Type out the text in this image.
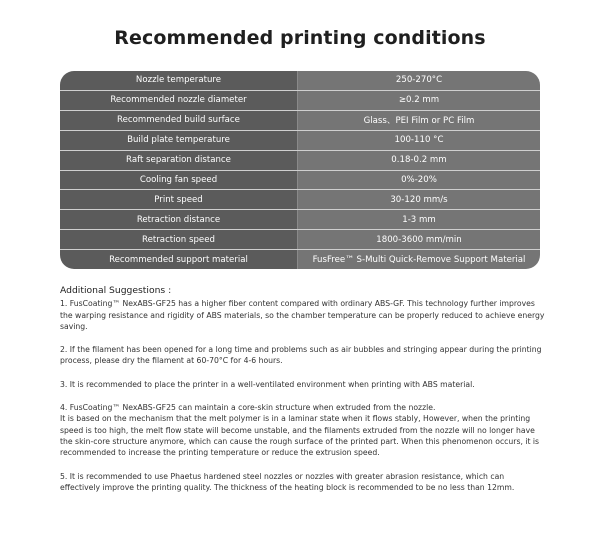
Recommended printing conditions
Nozzle temperature	250-270°C
Recommended nozzle diameter	≥0.2 mm
Recommended build surface	Glass、PEI Film or PC Film
Build plate temperature	100-110 °C
Raft separation distance	0.18-0.2 mm
Cooling fan speed	0%-20%
Print speed	30-120 mm/s
Retraction distance	1-3 mm
Retraction speed	1800-3600 mm/min
Recommended support material	FusFree™ S-Multi Quick-Remove Support Material
Additional Suggestions :

1. FusCoating™ NexABS-GF25 has a higher fiber content compared with ordinary ABS-GF. This technology further improves the warping resistance and rigidity of ABS materials, so the chamber temperature can be properly reduced to achieve energy saving.

2. If the filament has been opened for a long time and problems such as air bubbles and stringing appear during the printing process, please dry the filament at 60-70°C for 4-6 hours.

3. It is recommended to place the printer in a well-ventilated environment when printing with ABS material.

4. FusCoating™ NexABS-GF25 can maintain a core-skin structure when extruded from the nozzle.

It is based on the mechanism that the melt polymer is in a laminar state when it flows stably, However, when the printing speed is too high, the melt flow state will become unstable, and the filaments extruded from the nozzle will no longer have the skin-core structure anymore, which can cause the rough surface of the printed part. When this phenomenon occurs, it is recommended to increase the printing temperature or reduce the extrusion speed.

5. It is recommended to use Phaetus hardened steel nozzles or nozzles with greater abrasion resistance, which can effectively improve the printing quality. The thickness of the heating block is recommended to be no less than 12mm.
